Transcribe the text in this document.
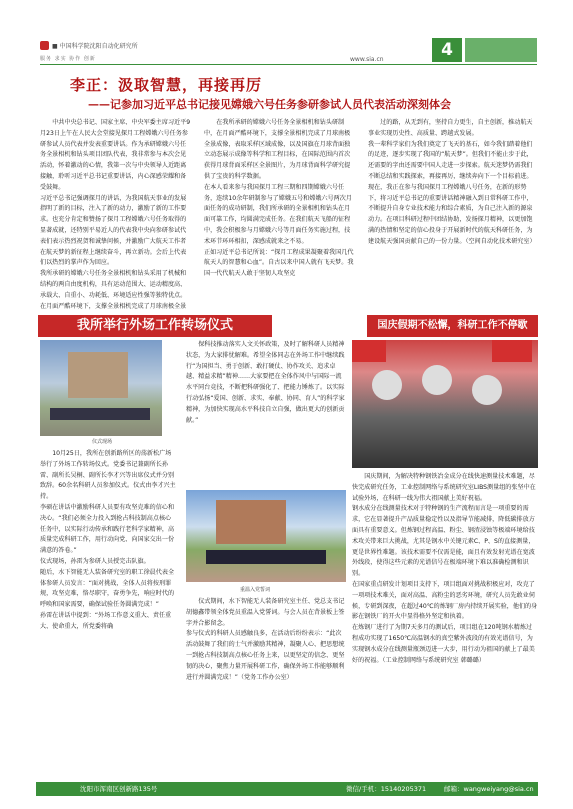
■ 中国科学院沈阳自动化研究所
服务 求实 协作 创新	www.sia.cn	4
李正：汲取智慧，再接再厉
——记参加习近平总书记接见嫦娥六号任务参研参试人员代表活动深刻体会
中共中央总书记、国家主席、中央军委主席习近平9月23日上午在人民大会堂接见探月工程嫦娥六号任务参研参试人员代表并发表重要讲话。作为承研嫦娥六号任务全景相机和钻头项目团队代表，我非常参与本次会见活动，怀着激动的心情，我第一次与中央领导人近距离接触，聆听习近平总书记重要讲话，内心深感荣耀和备受鼓舞。
习近平总书记强调探月的讲话，为我国航天事业的发展指明了新的目标，注入了新的动力，激励了新的工作要求。也充分肯定和赞扬了探月工程嫦娥六号任务取得的显著成就，还特别平易近人的代表我中央向参研参试代表们表示热烈祝贺和诚挚问候，并激励广大航天工作者在航天梦的新征程上继续奋斗，再立新功。会后上代表们以热烈的掌声作为回应。
我所承研的嫦娥六号任务全景相机和钻头采用了机械和结构的两自由度机构，具有运动范围大、运动精度高、承载大、自重小、功耗低、环境适应性强等独特优点。在月面严酷环境下，支撑全景相机完成了月球南极全景
在我所承研的嫦娥六号任务全景相机和钻头研制中，在月面严酷环境下，支撑全景相机完成了月球南极全景成像，表取采样区域成像，以及国旗在月球背面独立动态展示成像等科学和工程目标，在国际范围内首次获得月球背面采样区全景图片，为月球背面科学研究提供了宝贵的科学数据。
在本人看来参与我国探月工程三期和四期嫦娥六号任务，连续10余年研制参与了嫦娥五号和嫦娥六号两次月面任务的成功研制，我们所承研的全景相机和钻头在月面可靠工作，均圆满完成任务。在我们航天飞船的征程中，我会积极参与月嫦娥六号等月面任务实施过程，技术环节环环相扣，深感成就来之不易。
正如习近平总书记所说：“探月工程成果凝聚着我国几代航天人的智慧和心血”。自古以来中国人就有飞天梦。我国一代代航天人敢于坚韧人攻坚克
过的路，从无到有，坚持自力更生，自主创新，推动航天事业实现历史性、高质量、跨越式发展。
我一辈科学家们为我们奠定了飞天的基石，如今我们踏着他们的足迹，逐步实现了我国的“航天梦”。但我们不能止步于此，还需要的字由还需要中国人走进一步探索。航天迷梦仍需我们不断总结和实践探索，再接再厉，继续奔向下一个目标前进。
现在，我正在参与我国探月工程嫦娥八号任务，在新的形势下，将习近平总书记的重要讲话精神融入到日常科研工作中，不断提升自身专业技术能力和综合素质，为自己注入新的源泉动力。在项目科研过程中团结协助，发扬探月精神，以更加饱满的热情和坚定的信心投身于开展新时代的航天科研任务，为建设航天强国贡献自己的一份力量。（空间自动化技术研究室）
我所举行外场工作转场仪式	国庆假期不松懈，科研工作不停歇
仪式现场
重温入党誓词
10月25日，我所在创新路所区的荡新松广场举行了外场工作转场仪式。党委书记兼副所长孙雷、副所长吴桐、副所长李才兴等出席仪式并分别致辞。60余名科研人员参加仪式。仪式由李才兴主持。
李硕在讲话中激励科研人员要有攻坚克难的信心和决心。“我们必须全力投入到抢占科技制高点核心任务中，以实际行动传承和践行老科学家精神，高质量完成科研工作，用行动向党、向国家交出一份满意的答卷。”
仪式现场，孙雷为参研人员授完击队旗。
随后，水下智能无人装备研究室的职工徐晨代表全体参研人员发言：“面对挑战，全体人员将按刑罪规，攻坚克难，恪尽职守，奋勇争先，响应时代的呼唤和国家需要，确保试验任务圆满完成！”
孙雷在讲话中提到：“外场工作意义重大、责任重大、使命重大，所党委将确
保科技推动落实人文关怀政策，及时了解科研人员精神状态，为大家排忧解难。希望全体同志在外场工作中继续践行“为国担当、勇于创新、敢打硬仗、协作攻关、追求卓越、精益求精”精神……大家要把在全体作风中与国际一流水平同台竞技，不断把科研强化了、把能力锤炼了。以实际行动弘扬“爱国、创新、求实、奉献、协同、育人”的科学家精神，为加快实现高水平科技自立自强，做出更大的创新贡献。”
仪式期间，水下智能无人装备研究室主任、党总支书记胡德鑫带领全体党员重温入党誓词。与会人员在背景板上签字并合影留念。
参与仪式的科研人员感触良多，在活动后纷纷表示：“此次活动鼓舞了我们的士气并激励其精神，凝聚人心、把思想统一到抢占科技制高点核心任务上来，以更坚定的信念、更坚韧的决心，聚焦力量开展科研工作，确保外场工作能够顺利进行并圆满完成！”（党务工作办公室）
国庆期间，为解决特种钢铁冶金成分在线快速测量技术难题，尽快完成研究任务，工业控制网络与系统研究室LIBS测量组的张坚中在试验外场，在科研一线为伟大祖国献上美好祝福。
钢水成分在线测量技术对于特种钢的生产流程而言是一项重要的需求，它在显著提升产品质量稳定性以及指导节能减排，降低碳排放方面具有重要意义。但炼钢过程高温、粉尘、钢渣浸蚀等极端环境给技术攻关带来巨大挑战，尤其是钢水中关键元素C、P、S的直接测量，更是世界性难题。该技术需要不仅需是能，面且有效发射光谱在宽波外线段，使得这些元素的光谱信号在极端环境下难以准确检测和识别。
在国家重点研发计划项目支持下，项目组面对挑战积极应对，攻克了一项项技术难关，面对高温、高粉尘的恶劣环境，研究人员先敢业伺候，专研到深夜，在超过40℃的炼钢厂房内持续开展实验，他们的身影在钢铁厂的开火中显得格外坚定和执着。
在炼钢厂进行了为期7天多月的测试后，项目组在120吨钢水精炼过程成功实现了1650℃高温钢水的真空紫外波段的有效光谱信号，为实现钢水成分在线测量瓶颈迈进一大步，用行动为祖国的献上了最美好的祝福。（工业控制网络与系统研究室 韩璐璐）
沈阳市浑南区创新路135号	微信/手机：15140205371	邮箱：wangweiyang@sia.cn
